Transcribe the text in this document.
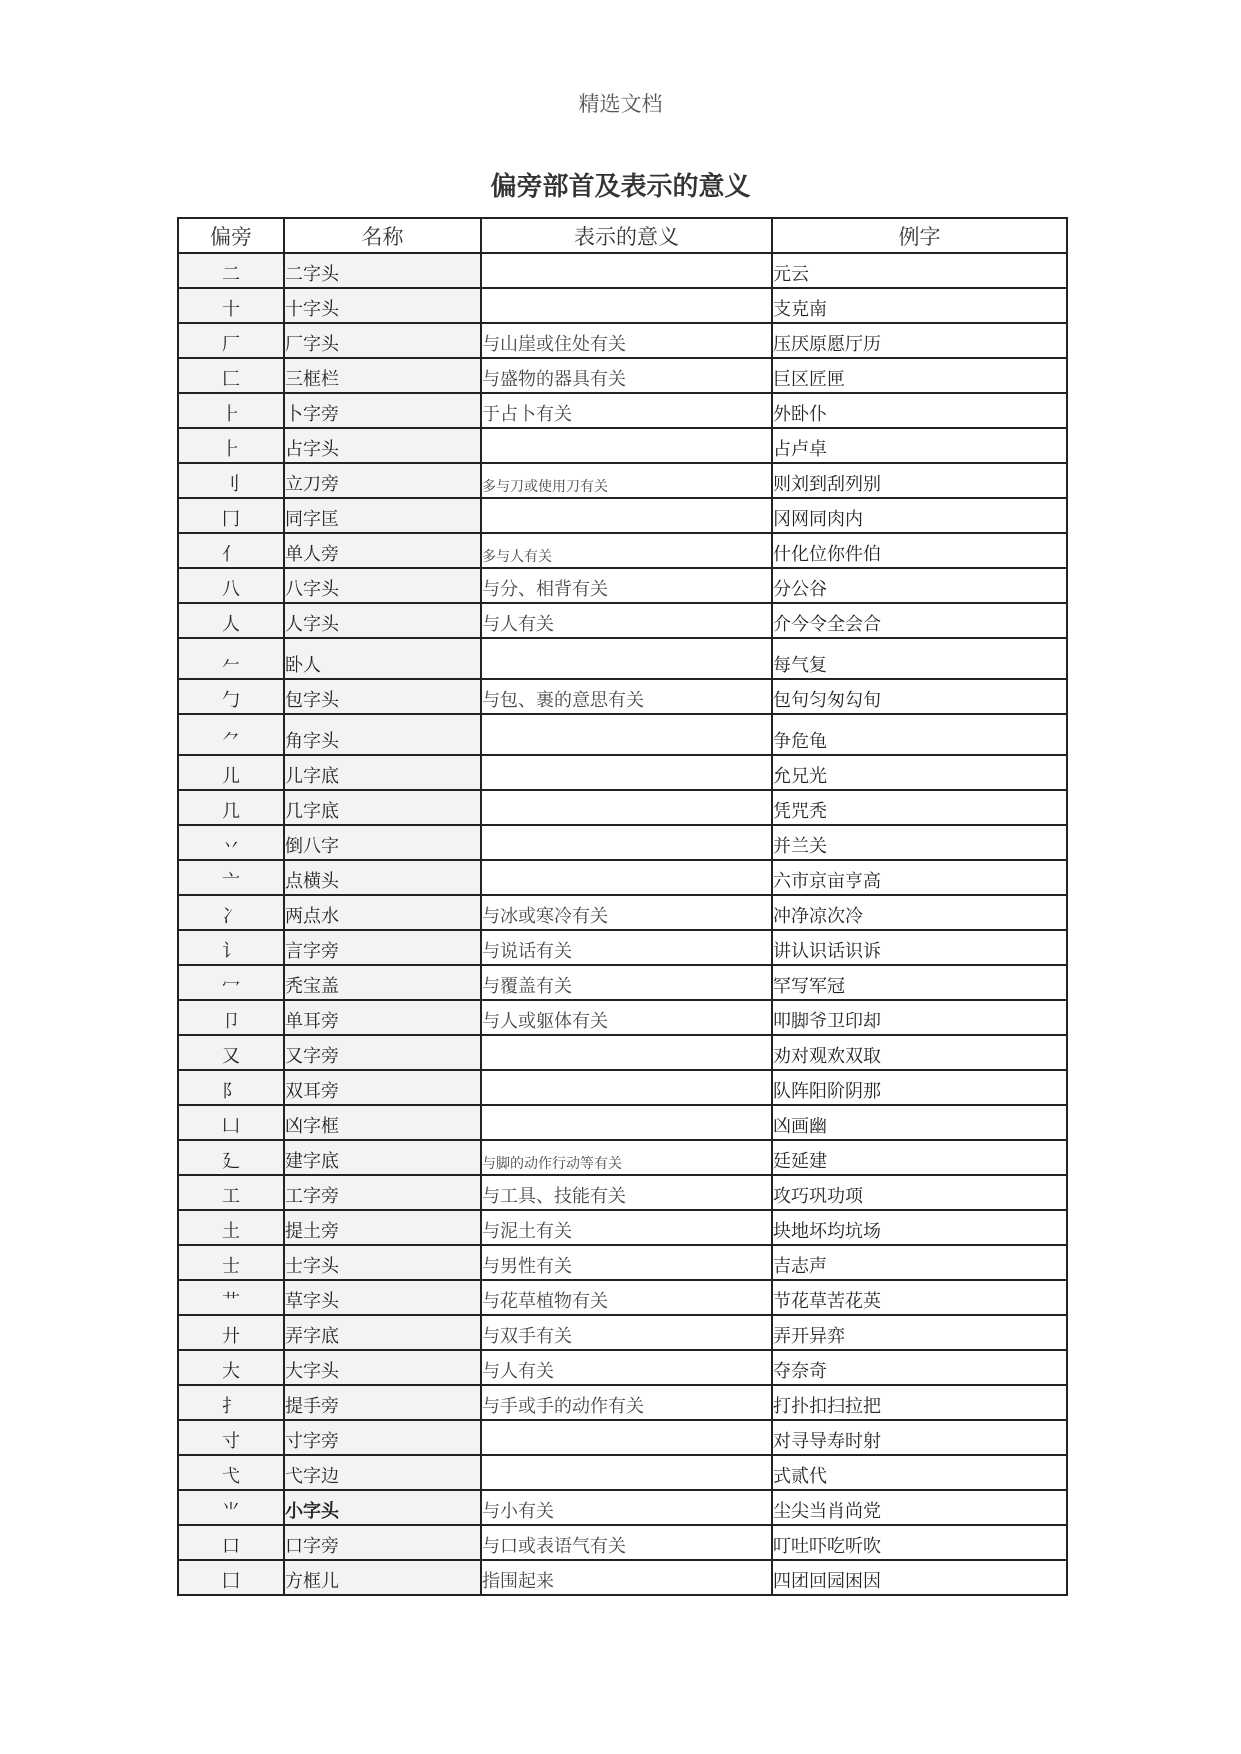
精选文档
偏旁部首及表示的意义
偏旁	名称	表示的意义	例字
二	二字头		元云
十	十字头		支克南
厂	厂字头	与山崖或住处有关	压厌原愿厅历
匚	三框栏	与盛物的器具有关	巨区匠匣
⺊	卜字旁	于占卜有关	外卧仆
⺊	占字头		占卢卓
刂	立刀旁	多与刀或使用刀有关	则刘到刮列别
冂	同字匡		冈网同肉内
亻	单人旁	多与人有关	什化位你件伯
八	八字头	与分、相背有关	分公谷
人	人字头	与人有关	介今令全会合
𠂉	卧人		每气复
勹	包字头	与包、裹的意思有关	包句匀匆勾旬
⺈	角字头		争危龟
儿	儿字底		允兄光
几	几字底		凭咒秃
丷	倒八字		并兰关
亠	点横头		六市京亩亨高
冫	两点水	与冰或寒冷有关	冲净凉次冷
讠	言字旁	与说话有关	讲认识话识诉
冖	秃宝盖	与覆盖有关	罕写军冠
卩	单耳旁	与人或躯体有关	叩脚爷卫印却
又	又字旁		劝对观欢双取
阝	双耳旁		队阵阳阶阴那
凵	凶字框		凶画幽
廴	建字底	与脚的动作行动等有关	廷延建
工	工字旁	与工具、技能有关	攻巧巩功项
土	提土旁	与泥土有关	块地坏均坑场
士	士字头	与男性有关	吉志声
艹	草字头	与花草植物有关	节花草苦花英
廾	弄字底	与双手有关	弄开异弈
大	大字头	与人有关	夺奈奇
扌	提手旁	与手或手的动作有关	打扑扣扫拉把
寸	寸字旁		对寻导寿时射
弋	弋字边		式贰代
⺌	小字头	与小有关	尘尖当肖尚党
口	口字旁	与口或表语气有关	叮吐吓吃听吹
囗	方框儿	指围起来	四团回园困因
